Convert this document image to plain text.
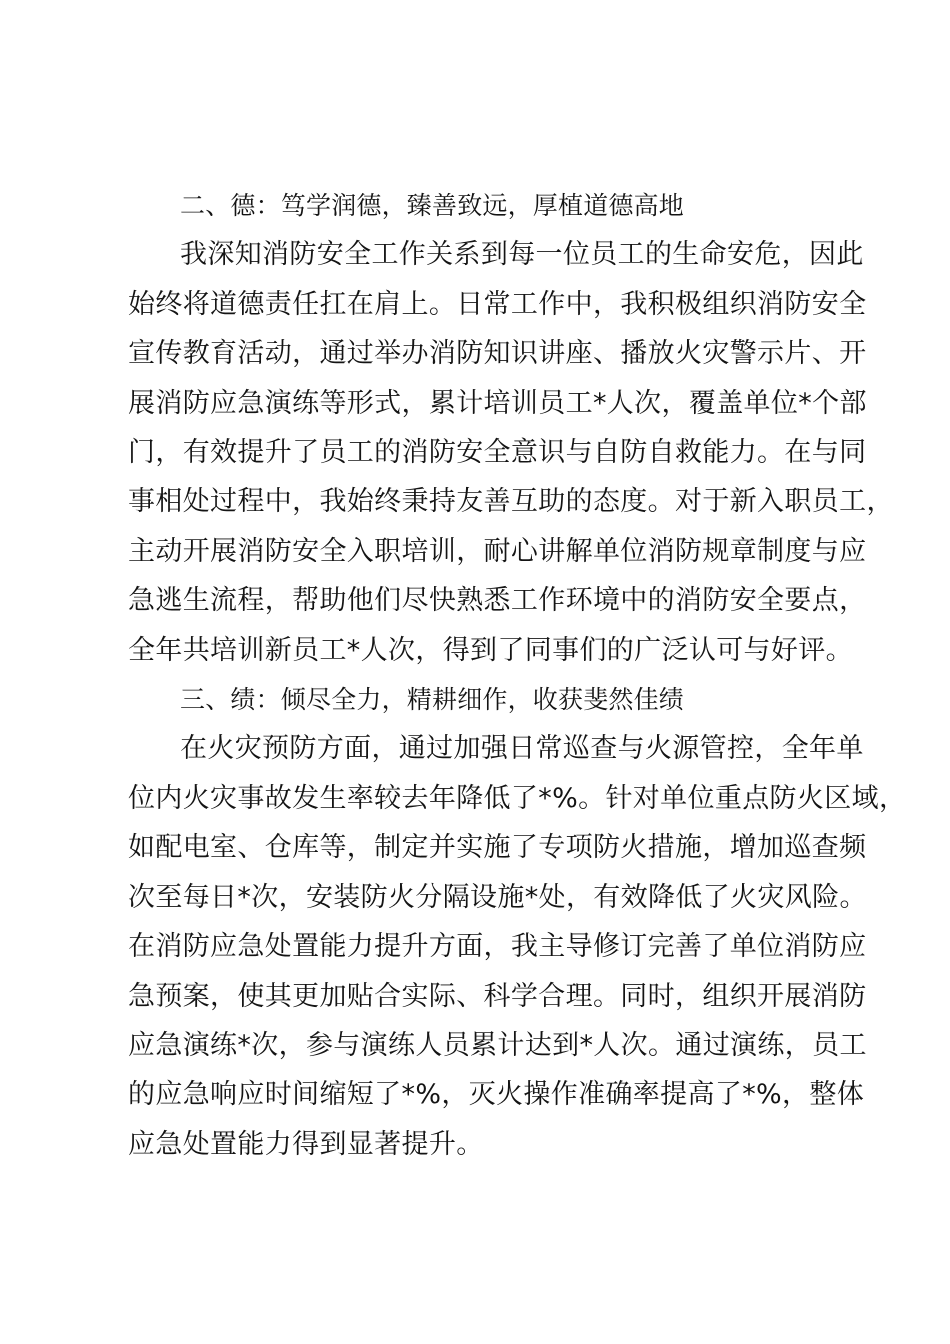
二、德：笃学润德，臻善致远，厚植道德高地

我深知消防安全工作关系到每一位员工的生命安危，因此
始终将道德责任扛在肩上。日常工作中，我积极组织消防安全
宣传教育活动，通过举办消防知识讲座、播放火灾警示片、开
展消防应急演练等形式，累计培训员工*人次，覆盖单位*个部
门，有效提升了员工的消防安全意识与自防自救能力。在与同
事相处过程中，我始终秉持友善互助的态度。对于新入职员工，
主动开展消防安全入职培训，耐心讲解单位消防规章制度与应
急逃生流程，帮助他们尽快熟悉工作环境中的消防安全要点，
全年共培训新员工*人次，得到了同事们的广泛认可与好评。

三、绩：倾尽全力，精耕细作，收获斐然佳绩

在火灾预防方面，通过加强日常巡查与火源管控，全年单
位内火灾事故发生率较去年降低了*%。针对单位重点防火区域，
如配电室、仓库等，制定并实施了专项防火措施，增加巡查频
次至每日*次，安装防火分隔设施*处，有效降低了火灾风险。
在消防应急处置能力提升方面，我主导修订完善了单位消防应
急预案，使其更加贴合实际、科学合理。同时，组织开展消防
应急演练*次，参与演练人员累计达到*人次。通过演练，员工
的应急响应时间缩短了*%，灭火操作准确率提高了*%，整体
应急处置能力得到显著提升。
